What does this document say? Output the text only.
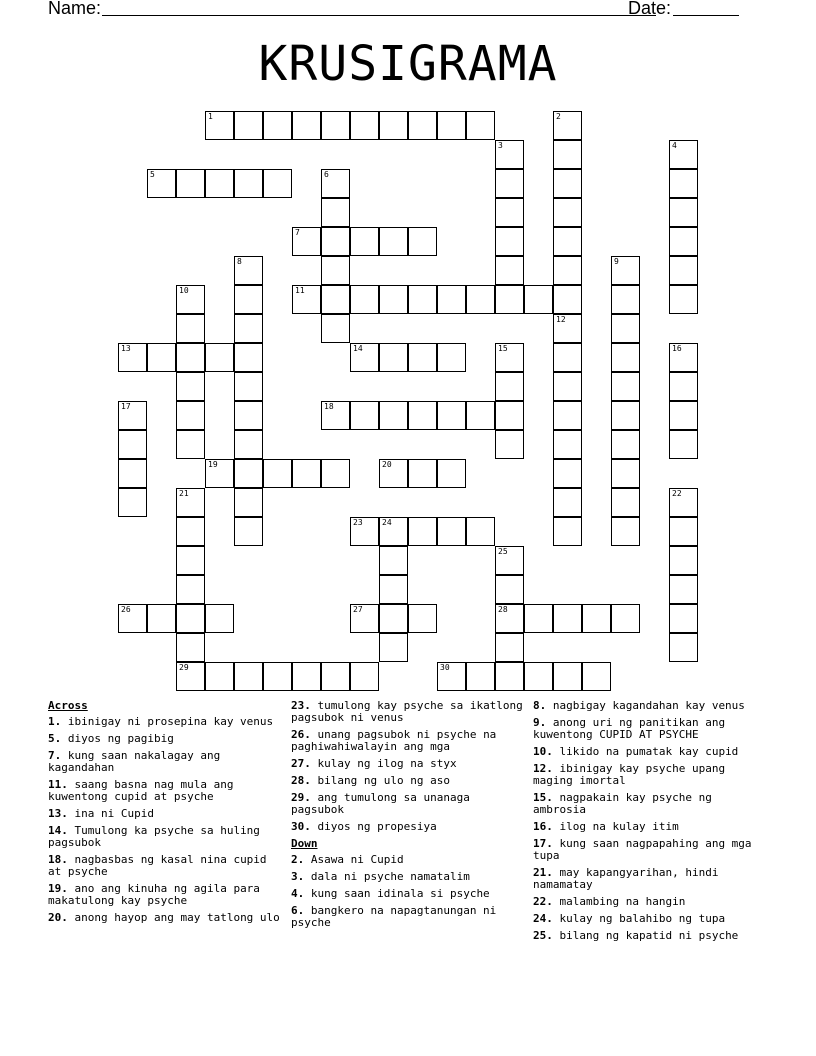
Name:	Date:
KRUSIGRAMA
1	2
3	4
5	6
7
8	9
10	11
12
13	14	15	16
17	18
19	20
21
29
22
23 24
25
28
26	27
30
Across
1. ibinigay ni prosepina kay venus
5. diyos ng pagibig
7. kung saan nakalagay ang kagandahan
11. saang basna nag mula ang kuwentong cupid at psyche
13. ina ni Cupid
14. Tumulong ka psyche sa huling pagsubok
18. nagbasbas ng kasal nina cupid at psyche
19. ano ang kinuha ng agila para makatulong kay psyche
20. anong hayop ang may tatlong ulo
23. tumulong kay psyche sa ikatlong pagsubok ni venus
26. unang pagsubok ni psyche na paghiwahiwalayin ang mga
27. kulay ng ilog na styx
28. bilang ng ulo ng aso
29. ang tumulong sa unanaga pagsubok
30. diyos ng propesiya
Down
2. Asawa ni Cupid
3. dala ni psyche namatalim
4. kung saan idinala si psyche
6. bangkero na napagtanungan ni psyche
8. nagbigay kagandahan kay venus
9. anong uri ng panitikan ang kuwentong CUPID AT PSYCHE
10. likido na pumatak kay cupid
12. ibinigay kay psyche upang maging imortal
15. nagpakain kay psyche ng ambrosia
16. ilog na kulay itim
17. kung saan nagpapahing ang mga tupa
21. may kapangyarihan, hindi namamatay
22. malambing na hangin
24. kulay ng balahibo ng tupa
25. bilang ng kapatid ni psyche
